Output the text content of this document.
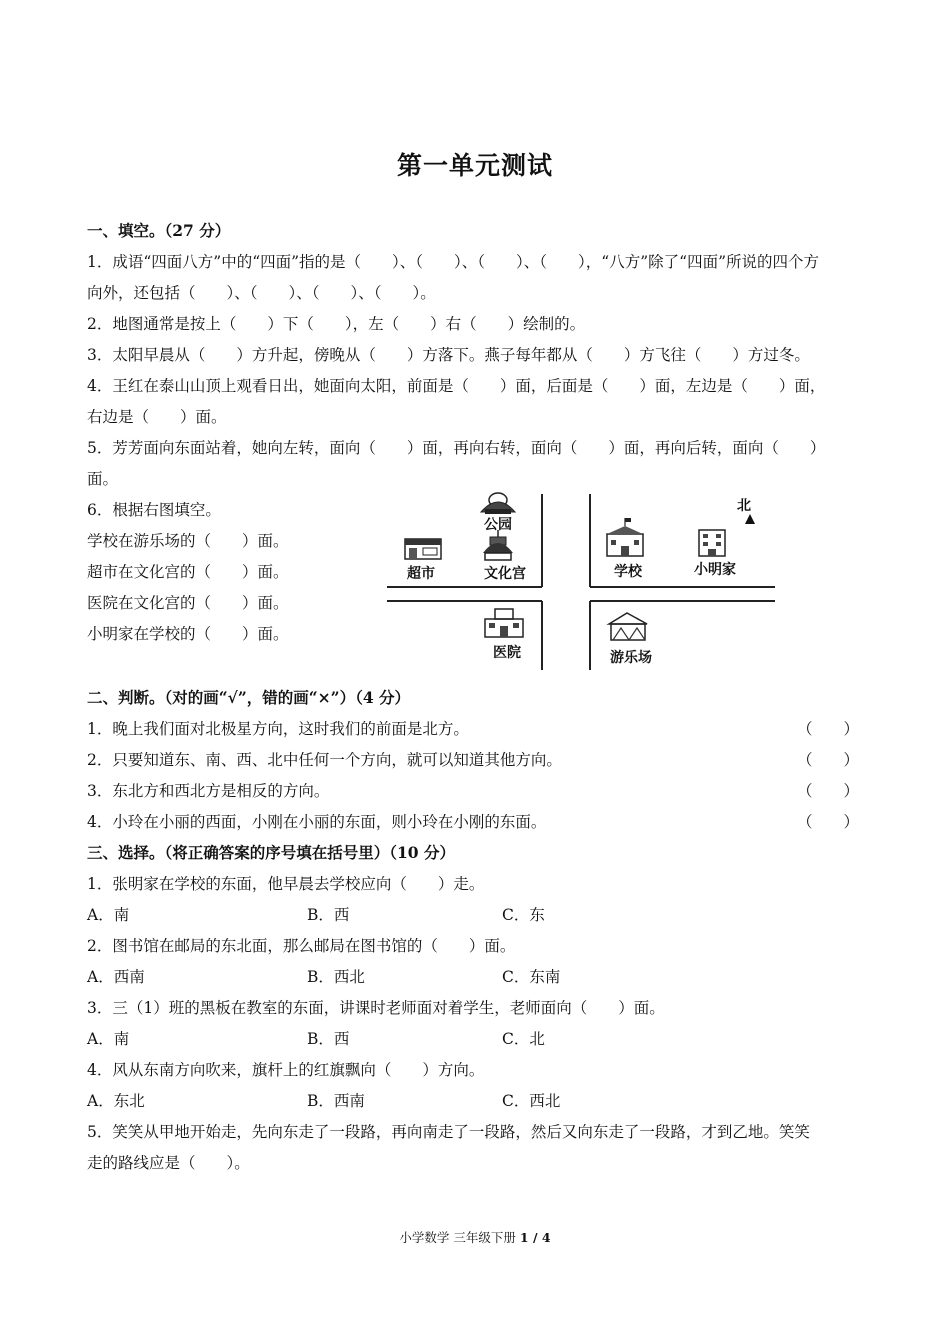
第一单元测试
一、填空。（27 分）
1．成语“四面八方”中的“四面”指的是（　　）、（　　）、（　　）、（　　），“八方”除了“四面”所说的四个方
向外，还包括（　　）、（　　）、（　　）、（　　）。
2．地图通常是按上（　　）下（　　），左（　　）右（　　）绘制的。
3．太阳早晨从（　　）方升起，傍晚从（　　）方落下。燕子每年都从（　　）方飞往（　　）方过冬。
4．王红在泰山山顶上观看日出，她面向太阳，前面是（　　）面，后面是（　　）面，左边是（　　）面，
右边是（　　）面。
5．芳芳面向东面站着，她向左转，面向（　　）面，再向右转，面向（　　）面，再向后转，面向（　　）
面。
6．根据右图填空。
学校在游乐场的（　　）面。
超市在文化宫的（　　）面。
医院在文化宫的（　　）面。
小明家在学校的（　　）面。
北
公园
文化宫
超市	学校	小明家
医院	游乐场
二、判断。（对的画“√”，错的画“×”）（4 分）
1．晚上我们面对北极星方向，这时我们的前面是北方。	（　　）
2．只要知道东、南、西、北中任何一个方向，就可以知道其他方向。	（　　）
3．东北方和西北方是相反的方向。	（　　）
4．小玲在小丽的西面，小刚在小丽的东面，则小玲在小刚的东面。	（　　）
三、选择。（将正确答案的序号填在括号里）（10 分）
1．张明家在学校的东面，他早晨去学校应向（　　）走。
A．南	B．西	C．东
2．图书馆在邮局的东北面，那么邮局在图书馆的（　　）面。
A．西南	B．西北	C．东南
3．三（1）班的黑板在教室的东面，讲课时老师面对着学生，老师面向（　　）面。
A．南	B．西	C．北
4．风从东南方向吹来，旗杆上的红旗飘向（　　）方向。
A．东北	B．西南	C．西北
5．笑笑从甲地开始走，先向东走了一段路，再向南走了一段路，然后又向东走了一段路，才到乙地。笑笑
走的路线应是（　　）。
小学数学 三年级下册 1 / 4
